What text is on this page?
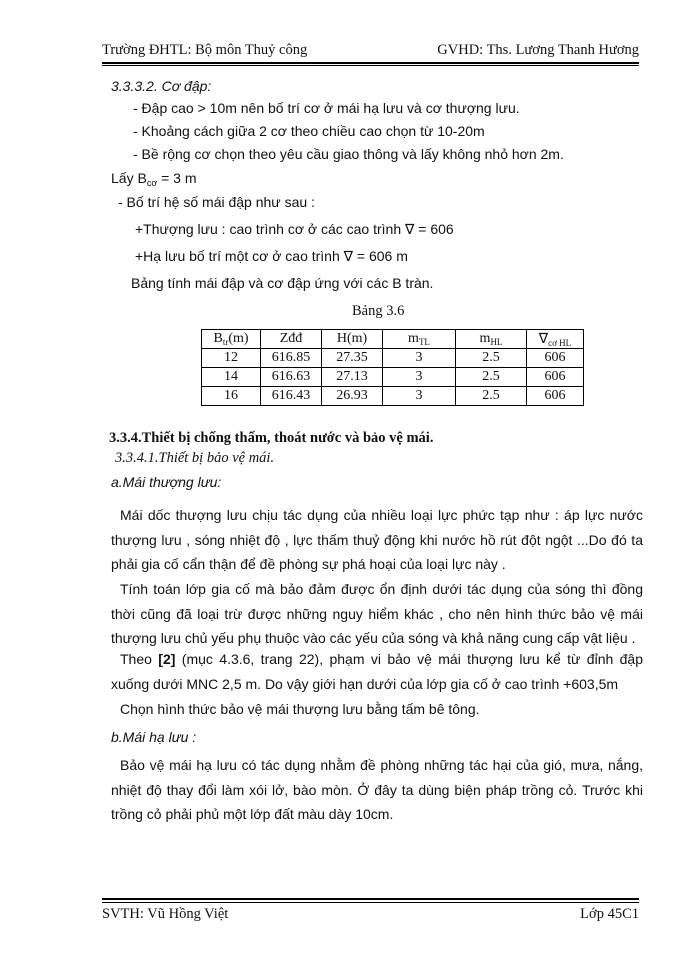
Trường ĐHTL: Bộ môn Thuỷ công	GVHD: Ths. Lương Thanh Hương
3.3.3.2. Cơ đập:
- Đập cao > 10m nên bố trí cơ ở mái hạ lưu và cơ thượng lưu.
- Khoảng cách giữa 2 cơ theo chiều cao chọn từ 10-20m
- Bề rộng cơ chọn theo yêu cầu giao thông và lấy không nhỏ hơn 2m.
Lấy $B_{cơ} = 3$ m
- Bố trí hệ số mái đập như sau :
+Thượng lưu : cao trình cơ ở các cao trình ∇ = 606
+Hạ lưu bố trí một cơ ở cao trình ∇ = 606 m
Bảng tính mái đập và cơ đập ứng với các B tràn.
Bảng 3.6
$B_{tr}(m)$	Zđđ	H(m)	$m_{TL}$	$m_{HL}$	$\nabla_{cơ HL}$
12	616.85	27.35	3	2.5	606
14	616.63	27.13	3	2.5	606
16	616.43	26.93	3	2.5	606
3.3.4.Thiết bị chống thấm, thoát nước và bảo vệ mái.
3.3.4.1.Thiết bị bảo vệ mái.
a.Mái thượng lưu:
Mái dốc thượng lưu chịu tác dụng của nhiều loại lực phức tạp như : áp lực nước thượng lưu , sóng nhiệt độ , lực thấm thuỷ động khi nước hồ rút đột ngột ...Do đó ta phải gia cố cẩn thận để đề phòng sự phá hoại của loại lực này .
Tính toán lớp gia cố mà bảo đảm được ổn định dưới tác dụng của sóng thì đồng thời cũng đã loại trừ được những nguy hiểm khác , cho nên hình thức bảo vệ mái thượng lưu chủ yếu phụ thuộc vào các yếu của sóng và khả năng cung cấp vật liệu .
Theo [2] (mục 4.3.6, trang 22), phạm vi bảo vệ mái thượng lưu kể từ đỉnh đập xuống dưới MNC 2,5 m. Do vậy giới hạn dưới của lớp gia cố ở cao trình +603,5m
Chọn hình thức bảo vệ mái thượng lưu bằng tấm bê tông.
b.Mái hạ lưu :
Bảo vệ mái hạ lưu có tác dụng nhằm đề phòng những tác hại của gió, mưa, nắng, nhiệt độ thay đổi làm xói lở, bào mòn. Ở đây ta dùng biện pháp trồng cỏ. Trước khi trồng cỏ phải phủ một lớp đất màu dày 10cm.
SVTH: Vũ Hồng Việt	Lớp 45C1
